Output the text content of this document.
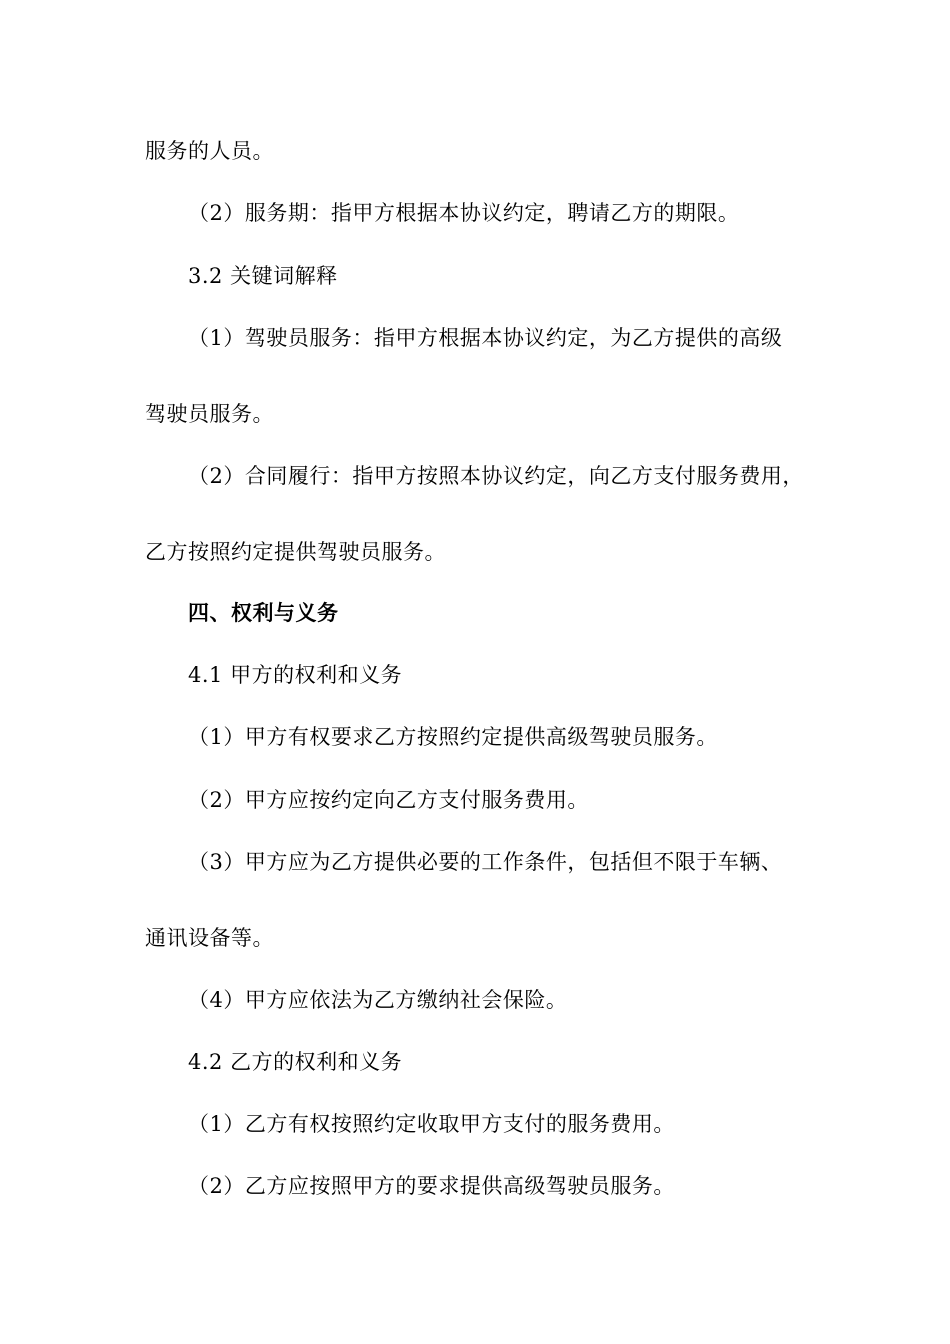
服务的人员。
（2）服务期：指甲方根据本协议约定，聘请乙方的期限。
3.2 关键词解释
（1）驾驶员服务：指甲方根据本协议约定，为乙方提供的高级
驾驶员服务。
（2）合同履行：指甲方按照本协议约定，向乙方支付服务费用，
乙方按照约定提供驾驶员服务。
四、权利与义务
4.1 甲方的权利和义务
（1）甲方有权要求乙方按照约定提供高级驾驶员服务。
（2）甲方应按约定向乙方支付服务费用。
（3）甲方应为乙方提供必要的工作条件，包括但不限于车辆、
通讯设备等。
（4）甲方应依法为乙方缴纳社会保险。
4.2 乙方的权利和义务
（1）乙方有权按照约定收取甲方支付的服务费用。
（2）乙方应按照甲方的要求提供高级驾驶员服务。
